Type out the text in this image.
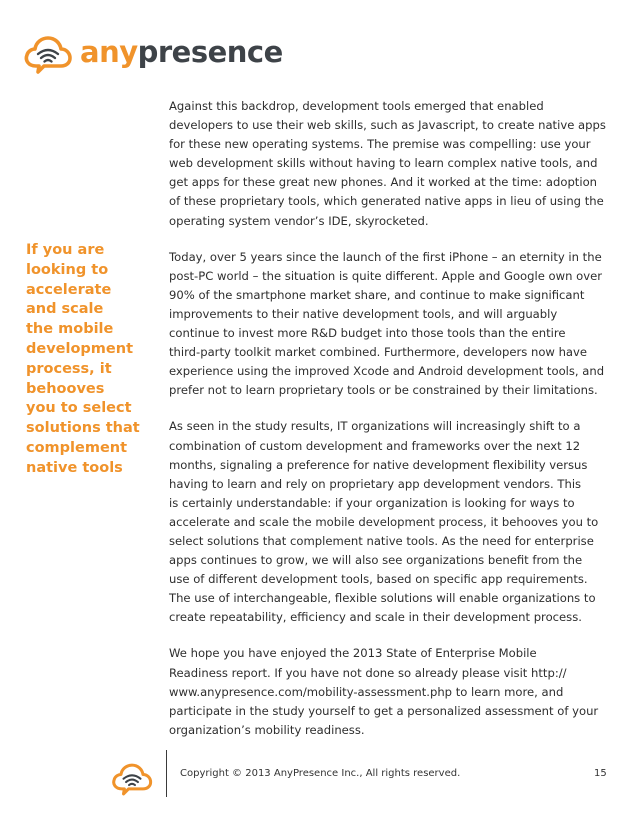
anypresence
If you are
looking to
accelerate
and scale
the mobile
development
process, it
behooves
you to select
solutions that
complement
native tools

Against this backdrop, development tools emerged that enabled
developers to use their web skills, such as Javascript, to create native apps
for these new operating systems. The premise was compelling: use your
web development skills without having to learn complex native tools, and
get apps for these great new phones. And it worked at the time: adoption
of these proprietary tools, which generated native apps in lieu of using the
operating system vendor’s IDE, skyrocketed.

Today, over 5 years since the launch of the first iPhone – an eternity in the
post-PC world – the situation is quite different. Apple and Google own over
90% of the smartphone market share, and continue to make significant
improvements to their native development tools, and will arguably
continue to invest more R&D budget into those tools than the entire
third-party toolkit market combined. Furthermore, developers now have
experience using the improved Xcode and Android development tools, and
prefer not to learn proprietary tools or be constrained by their limitations.

As seen in the study results, IT organizations will increasingly shift to a
combination of custom development and frameworks over the next 12
months, signaling a preference for native development flexibility versus
having to learn and rely on proprietary app development vendors. This
is certainly understandable: if your organization is looking for ways to
accelerate and scale the mobile development process, it behooves you to
select solutions that complement native tools. As the need for enterprise
apps continues to grow, we will also see organizations benefit from the
use of different development tools, based on specific app requirements.
The use of interchangeable, flexible solutions will enable organizations to
create repeatability, efficiency and scale in their development process.

We hope you have enjoyed the 2013 State of Enterprise Mobile
Readiness report. If you have not done so already please visit http://
www.anypresence.com/mobility-assessment.php to learn more, and
participate in the study yourself to get a personalized assessment of your
organization’s mobility readiness.

Copyright © 2013 AnyPresence Inc., All rights reserved.	15
